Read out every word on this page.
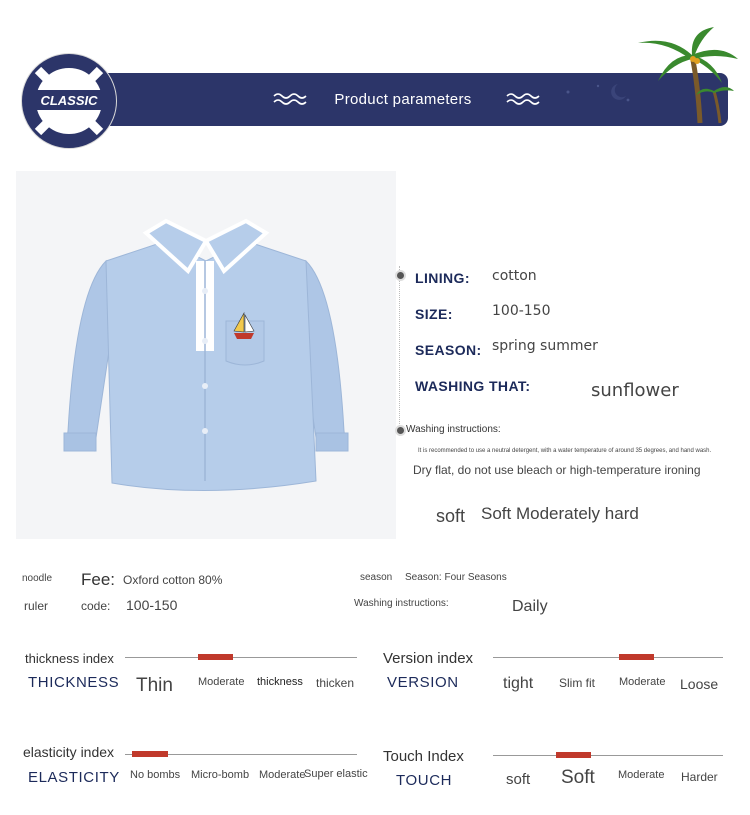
Product parameters
CLASSIC
★ ★ ★
LINING: cotton
SIZE:	100-150
SEASON: spring summer
WASHING THAT:	sunflower
Washing instructions:
It is recommended to use a neutral detergent, with a water temperature of around 35 degrees, and hand wash.
Dry flat, do not use bleach or high-temperature ironing
soft Soft Moderately hard
noodle Fee: Oxford cotton 80%
ruler	code: 100-150
season Season: Four Seasons
Washing instructions:	Daily
thickness index
THICKNESS Thin Moderate thickness thicken
Version index
VERSION	tight Slim fit Moderate Loose
elasticity index
ELASTICITY No bombs Micro-bomb Moderate
Super elastic
Touch Index
TOUCH	soft Soft Moderate Harder
